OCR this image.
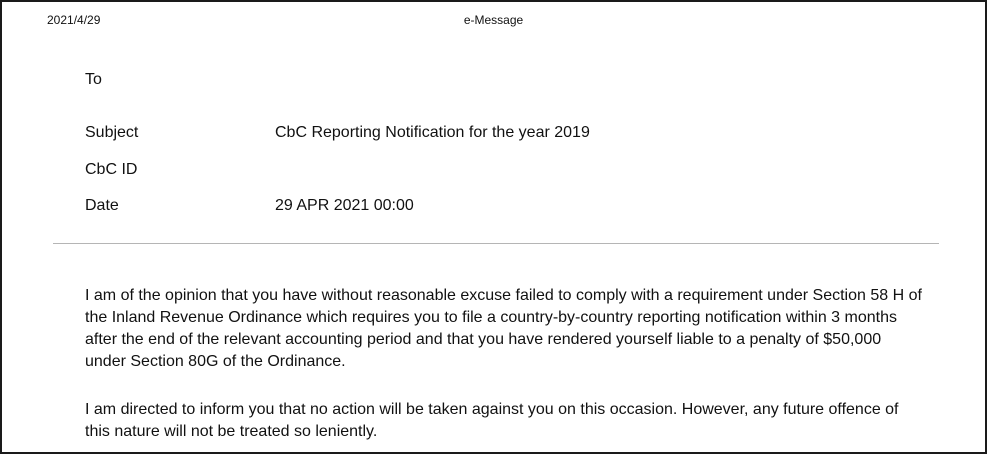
2021/4/29	e-Message
To
Subject	CbC Reporting Notification for the year 2019
CbC ID
Date	29 APR 2021 00:00

I am of the opinion that you have without reasonable excuse failed to comply with a requirement under Section 58 H of the Inland Revenue Ordinance which requires you to file a country-by-country reporting notification within 3 months after the end of the relevant accounting period and that you have rendered yourself liable to a penalty of $50,000 under Section 80G of the Ordinance.

I am directed to inform you that no action will be taken against you on this occasion. However, any future offence of this nature will not be treated so leniently.
